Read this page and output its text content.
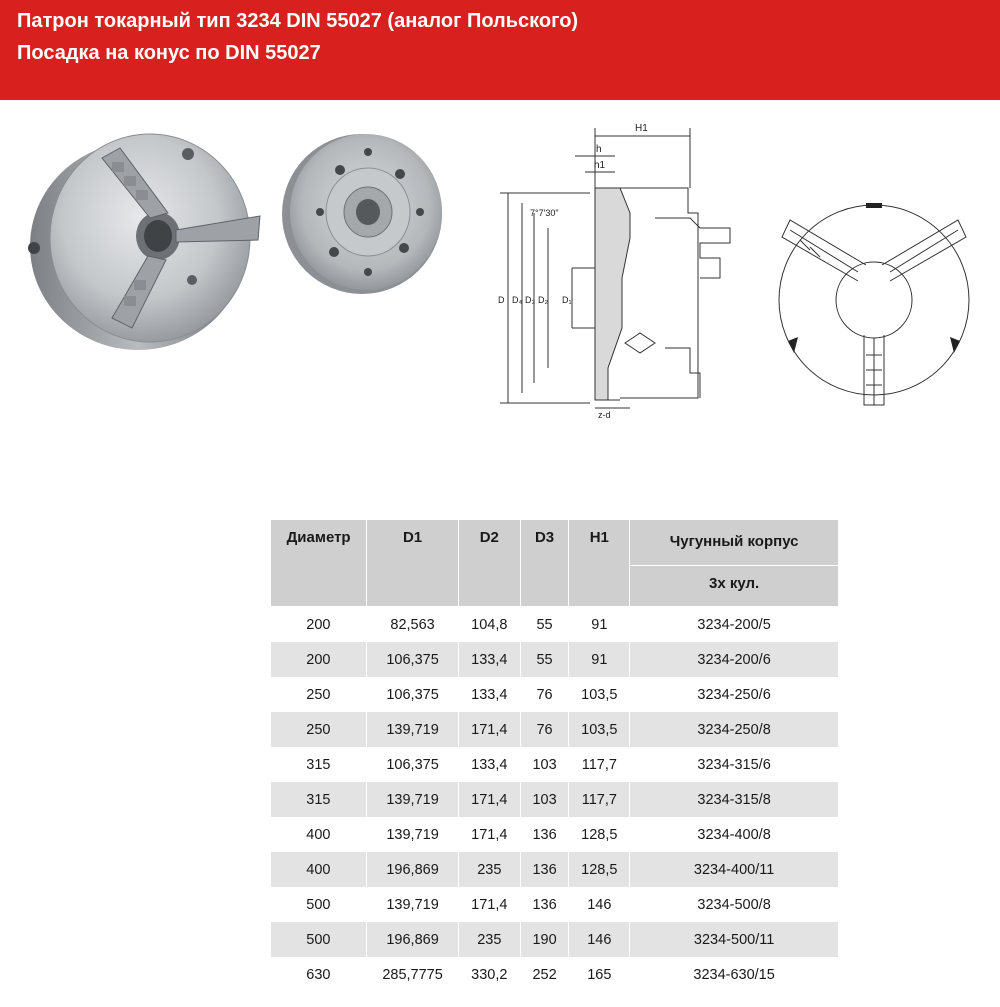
Патрон токарный тип 3234 DIN 55027 (аналог Польского)
Посадка на конус по DIN 55027
H1
h
h1
7°7'30"
D D₄ D₃ D₂ D₁
z-d
Диаметр	D1	D2	D3	H1	Чугунный корпус
					3х кул.
200	82,563	104,8	55	91	3234-200/5
200	106,375	133,4	55	91	3234-200/6
250	106,375	133,4	76	103,5	3234-250/6
250	139,719	171,4	76	103,5	3234-250/8
315	106,375	133,4	103	117,7	3234-315/6
315	139,719	171,4	103	117,7	3234-315/8
400	139,719	171,4	136	128,5	3234-400/8
400	196,869	235	136	128,5	3234-400/11
500	139,719	171,4	136	146	3234-500/8
500	196,869	235	190	146	3234-500/11
630	285,7775	330,2	252	165	3234-630/15
